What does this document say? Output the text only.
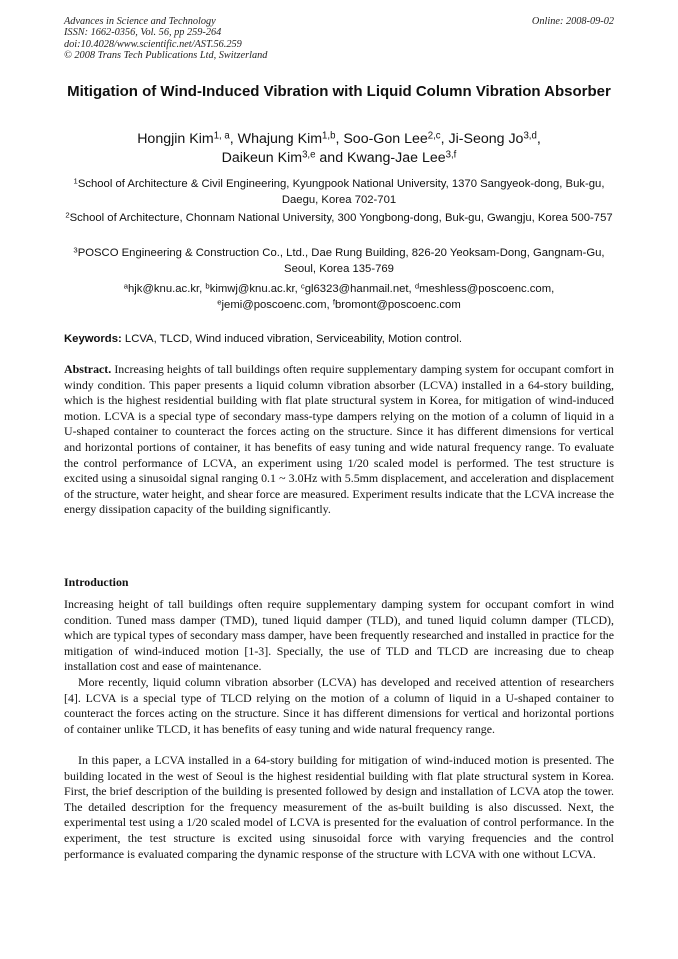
Advances in Science and Technology
ISSN: 1662-0356, Vol. 56, pp 259-264
doi:10.4028/www.scientific.net/AST.56.259
© 2008 Trans Tech Publications Ltd, Switzerland
Online: 2008-09-02
Mitigation of Wind-Induced Vibration with Liquid Column Vibration Absorber
Hongjin Kim$^{1, a}$, Whajung Kim$^{1,b}$, Soo-Gon Lee$^{2,c}$, Ji-Seong Jo$^{3,d}$,
Daikeun Kim$^{3,e}$ and Kwang-Jae Lee$^{3,f}$
$^1$School of Architecture & Civil Engineering, Kyungpook National University, 1370 Sangyeok-dong, Buk-gu, Daegu, Korea 702-701
$^2$School of Architecture, Chonnam National University, 300 Yongbong-dong, Buk-gu, Gwangju, Korea 500-757
$^3$POSCO Engineering & Construction Co., Ltd., Dae Rung Building, 826-20 Yeoksam-Dong, Gangnam-Gu, Seoul, Korea 135-769
$^a$hjk@knu.ac.kr, $^b$kimwj@knu.ac.kr, $^c$gl6323@hanmail.net, $^d$meshless@poscoenc.com,
$^e$jemi@poscoenc.com, $^f$bromont@poscoenc.com
Keywords: LCVA, TLCD, Wind induced vibration, Serviceability, Motion control.

Abstract. Increasing heights of tall buildings often require supplementary damping system for occupant comfort in windy condition. This paper presents a liquid column vibration absorber (LCVA) installed in a 64-story building, which is the highest residential building with flat plate structural system in Korea, for mitigation of wind-induced motion. LCVA is a special type of secondary mass-type dampers relying on the motion of a column of liquid in a U-shaped container to counteract the forces acting on the structure. Since it has different dimensions for vertical and horizontal portions of container, it has benefits of easy tuning and wide natural frequency range. To evaluate the control performance of LCVA, an experiment using 1/20 scaled model is performed. The test structure is excited using a sinusoidal signal ranging 0.1 ~ 3.0Hz with 5.5mm displacement, and acceleration and displacement of the structure, water height, and shear force are measured. Experiment results indicate that the LCVA increase the energy dissipation capacity of the building significantly.

Introduction

Increasing height of tall buildings often require supplementary damping system for occupant comfort in wind condition. Tuned mass damper (TMD), tuned liquid damper (TLD), and tuned liquid column damper (TLCD), which are typical types of secondary mass damper, have been frequently researched and installed in practice for the mitigation of wind-induced motion [1-3]. Specially, the use of TLD and TLCD are increasing due to cheap installation cost and ease of maintenance.

More recently, liquid column vibration absorber (LCVA) has developed and received attention of researchers [4]. LCVA is a special type of TLCD relying on the motion of a column of liquid in a U-shaped container to counteract the forces acting on the structure. Since it has different dimensions for vertical and horizontal portions of container unlike TLCD, it has benefits of easy tuning and wide natural frequency range.

In this paper, a LCVA installed in a 64-story building for mitigation of wind-induced motion is presented. The building located in the west of Seoul is the highest residential building with flat plate structural system in Korea. First, the brief description of the building is presented followed by design and installation of LCVA atop the tower. The detailed description for the frequency measurement of the as-built building is also discussed. Next, the experimental test using a 1/20 scaled model of LCVA is presented for the evaluation of control performance. In the experiment, the test structure is excited using sinusoidal force with varying frequencies and the control performance is evaluated comparing the dynamic response of the structure with LCVA with one without LCVA.
